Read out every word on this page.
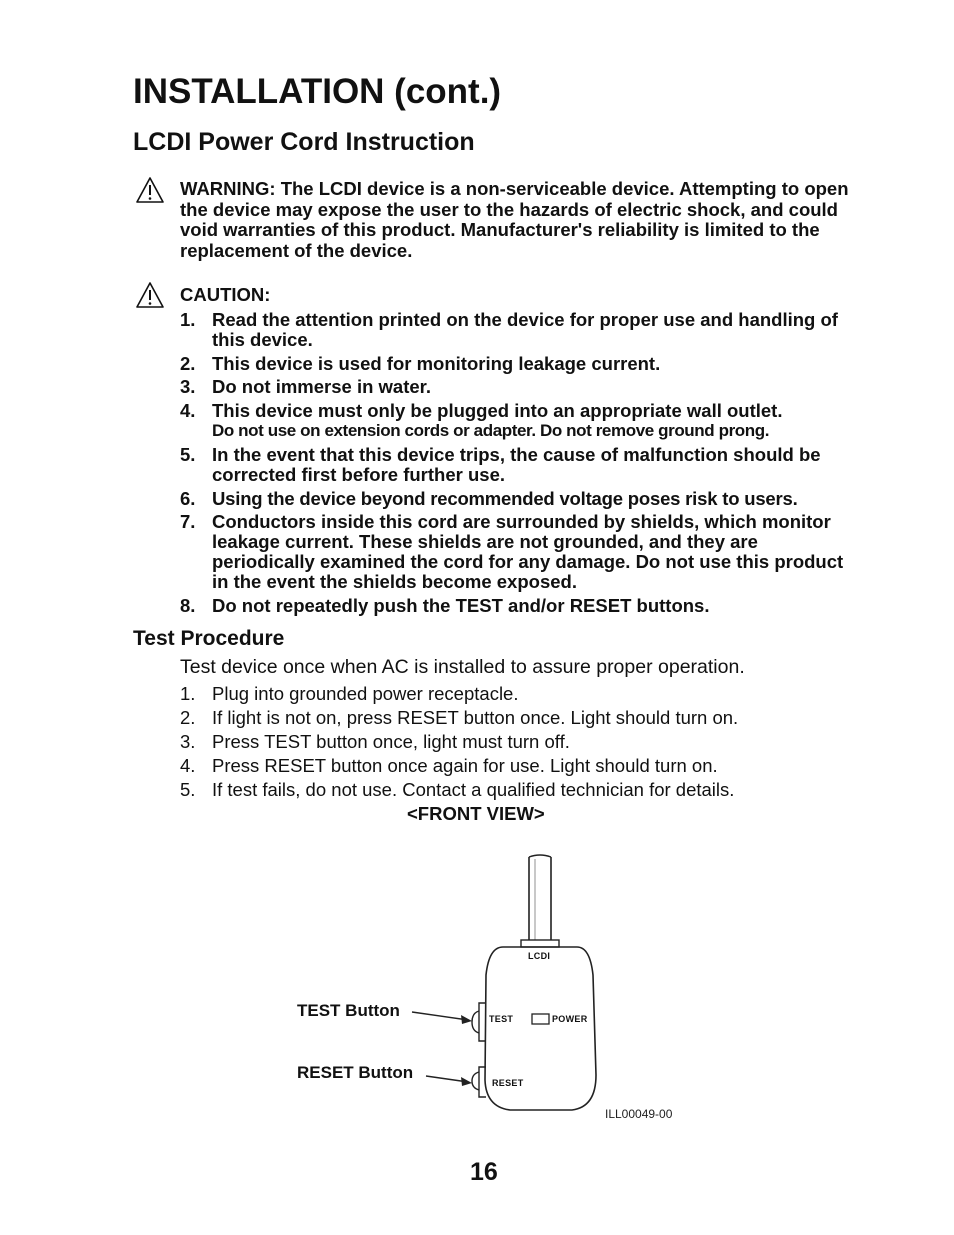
INSTALLATION (cont.)
LCDI Power Cord Instruction
WARNING: The LCDI device is a non-serviceable device. Attempting to open the device may expose the user to the hazards of electric shock, and could void warranties of this product. Manufacturer's reliability is limited to the replacement of the device.
CAUTION:
1. Read the attention printed on the device for proper use and handling of this device.
2. This device is used for monitoring leakage current.
3. Do not immerse in water.
4. This device must only be plugged into an appropriate wall outlet.
Do not use on extension cords or adapter. Do not remove ground prong.
5. In the event that this device trips, the cause of malfunction should be corrected first before further use.
6. Using the device beyond recommended voltage poses risk to users.
7. Conductors inside this cord are surrounded by shields, which monitor leakage current. These shields are not grounded, and they are periodically examined the cord for any damage. Do not use this product in the event the shields become exposed.
8. Do not repeatedly push the TEST and/or RESET buttons.
Test Procedure
Test device once when AC is installed to assure proper operation.
1. Plug into grounded power receptacle.
2. If light is not on, press RESET button once. Light should turn on.
3. Press TEST button once, light must turn off.
4. Press RESET button once again for use. Light should turn on.
5. If test fails, do not use. Contact a qualified technician for details.
<FRONT VIEW>
LCDI
TEST	POWER
RESET
TEST Button
RESET Button
ILL00049-00
16
